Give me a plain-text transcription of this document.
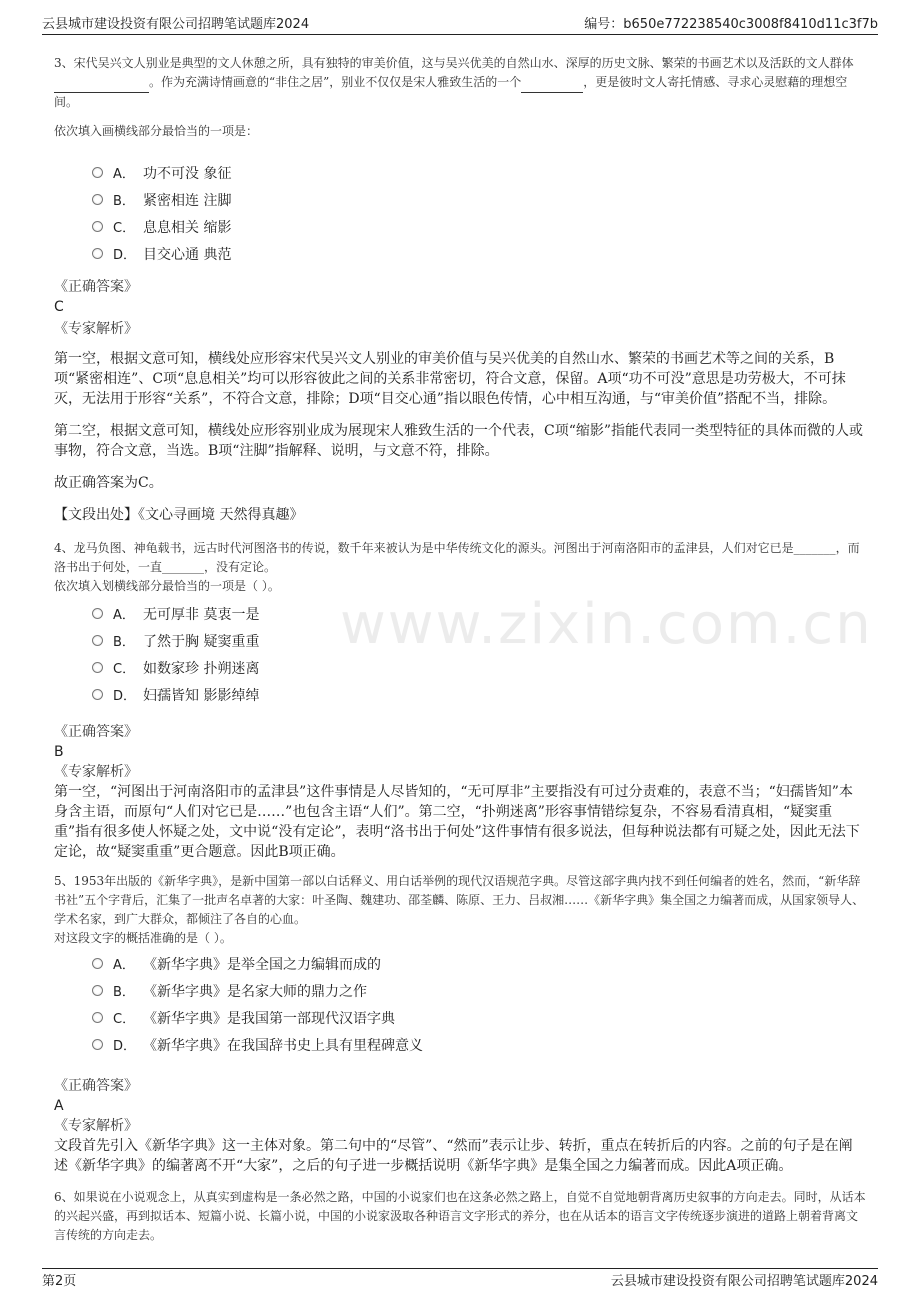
云县城市建设投资有限公司招聘笔试题库2024	编号：b650e772238540c3008f8410d11c3f7b
www.zixin.com.cn

3、宋代吴兴文人别业是典型的文人休憩之所，具有独特的审美价值，这与吴兴优美的自然山水、深厚的历史文脉、繁荣的书画艺术以及活跃的文人群体 。作为充满诗情画意的“非住之居”，别业不仅仅是宋人雅致生活的一个	，更是彼时文人寄托情感、寻求心灵慰藉的理想空间。

依次填入画横线部分最恰当的一项是：

A． 功不可没 象征
B． 紧密相连 注脚
C． 息息相关 缩影
D． 目交心通 典范
《正确答案》
C
《专家解析》

第一空，根据文意可知，横线处应形容宋代吴兴文人别业的审美价值与吴兴优美的自然山水、繁荣的书画艺术等之间的关系，B项“紧密相连”、C项“息息相关”均可以形容彼此之间的关系非常密切，符合文意，保留。A项“功不可没”意思是功劳极大，不可抹灭，无法用于形容“关系”，不符合文意，排除；D项“目交心通”指以眼色传情，心中相互沟通，与“审美价值”搭配不当，排除。

第二空，根据文意可知，横线处应形容别业成为展现宋人雅致生活的一个代表，C项“缩影”指能代表同一类型特征的具体而微的人或事物，符合文意，当选。B项“注脚”指解释、说明，与文意不符，排除。

故正确答案为C。

【文段出处】《文心寻画境 天然得真趣》

4、龙马负图、神龟载书，远古时代河图洛书的传说，数千年来被认为是中华传统文化的源头。河图出于河南洛阳市的孟津县，人们对它已是_______，而洛书出于何处，一直_______，没有定论。

依次填入划横线部分最恰当的一项是（ ）。

A． 无可厚非 莫衷一是
B． 了然于胸 疑窦重重
C． 如数家珍 扑朔迷离
D． 妇孺皆知 影影绰绰
《正确答案》
B
《专家解析》
第一空，“河图出于河南洛阳市的孟津县”这件事情是人尽皆知的，“无可厚非”主要指没有可过分责难的，表意不当；“妇孺皆知”本身含主语，而原句“人们对它已是……”也包含主语“人们”。第二空，“扑朔迷离”形容事情错综复杂，不容易看清真相，“疑窦重重”指有很多使人怀疑之处，文中说“没有定论”，表明“洛书出于何处”这件事情有很多说法，但每种说法都有可疑之处，因此无法下定论，故“疑窦重重”更合题意。因此B项正确。

5、1953年出版的《新华字典》，是新中国第一部以白话释义、用白话举例的现代汉语规范字典。尽管这部字典内找不到任何编者的姓名，然而，“新华辞书社”五个字背后，汇集了一批声名卓著的大家：叶圣陶、魏建功、邵荃麟、陈原、王力、吕叔湘……《新华字典》集全国之力编著而成，从国家领导人、学术名家，到广大群众，都倾注了各自的心血。

对这段文字的概括准确的是（ ）。

A． 《新华字典》是举全国之力编辑而成的
B． 《新华字典》是名家大师的鼎力之作
C． 《新华字典》是我国第一部现代汉语字典
D． 《新华字典》在我国辞书史上具有里程碑意义
《正确答案》
A
《专家解析》
文段首先引入《新华字典》这一主体对象。第二句中的“尽管”、“然而”表示让步、转折，重点在转折后的内容。之前的句子是在阐述《新华字典》的编著离不开“大家”，之后的句子进一步概括说明《新华字典》是集全国之力编著而成。因此A项正确。

6、如果说在小说观念上，从真实到虚构是一条必然之路，中国的小说家们也在这条必然之路上，自觉不自觉地朝背离历史叙事的方向走去。同时，从话本的兴起兴盛，再到拟话本、短篇小说、长篇小说，中国的小说家汲取各种语言文字形式的养分，也在从话本的语言文字传统逐步演进的道路上朝着背离文言传统的方向走去。

第2页	云县城市建设投资有限公司招聘笔试题库2024
